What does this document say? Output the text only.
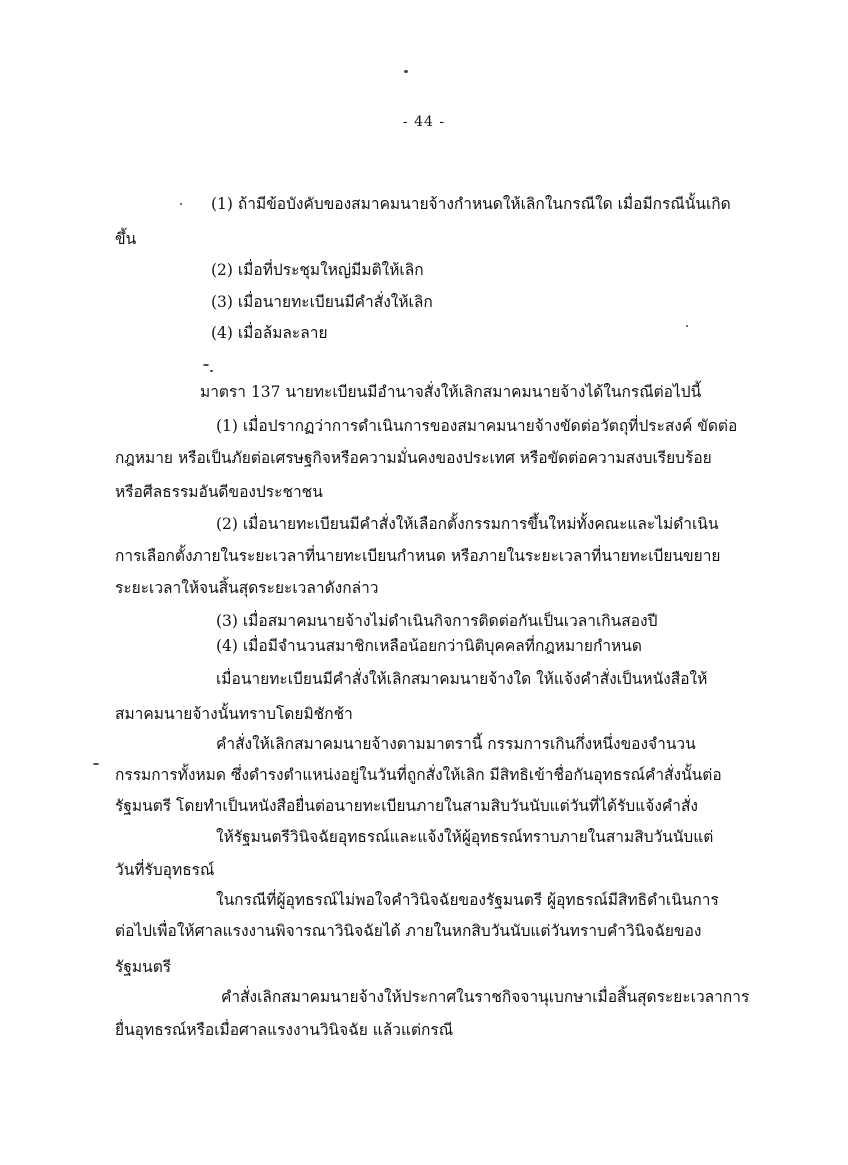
- 44 -
(1) ถ้ามีข้อบังคับของสมาคมนายจ้างกำหนดให้เลิกในกรณีใด เมื่อมีกรณีนั้นเกิด
ขึ้น
(2) เมื่อที่ประชุมใหญ่มีมติให้เลิก
(3) เมื่อนายทะเบียนมีคำสั่งให้เลิก
(4) เมื่อล้มละลาย
มาตรา 137 นายทะเบียนมีอำนาจสั่งให้เลิกสมาคมนายจ้างได้ในกรณีต่อไปนี้
(1) เมื่อปรากฏว่าการดำเนินการของสมาคมนายจ้างขัดต่อวัตถุที่ประสงค์ ขัดต่อ
กฎหมาย หรือเป็นภัยต่อเศรษฐกิจหรือความมั่นคงของประเทศ หรือขัดต่อความสงบเรียบร้อย
หรือศีลธรรมอันดีของประชาชน
(2) เมื่อนายทะเบียนมีคำสั่งให้เลือกตั้งกรรมการขึ้นใหม่ทั้งคณะและไม่ดำเนิน
การเลือกตั้งภายในระยะเวลาที่นายทะเบียนกำหนด หรือภายในระยะเวลาที่นายทะเบียนขยาย
ระยะเวลาให้จนสิ้นสุดระยะเวลาดังกล่าว
(3) เมื่อสมาคมนายจ้างไม่ดำเนินกิจการติดต่อกันเป็นเวลาเกินสองปี
(4) เมื่อมีจำนวนสมาชิกเหลือน้อยกว่านิติบุคคลที่กฎหมายกำหนด
เมื่อนายทะเบียนมีคำสั่งให้เลิกสมาคมนายจ้างใด ให้แจ้งคำสั่งเป็นหนังสือให้
สมาคมนายจ้างนั้นทราบโดยมิชักช้า
คำสั่งให้เลิกสมาคมนายจ้างตามมาตรานี้ กรรมการเกินกึ่งหนึ่งของจำนวน
กรรมการทั้งหมด ซึ่งดำรงตำแหน่งอยู่ในวันที่ถูกสั่งให้เลิก มีสิทธิเข้าชื่อกันอุทธรณ์คำสั่งนั้นต่อ
รัฐมนตรี โดยทำเป็นหนังสือยื่นต่อนายทะเบียนภายในสามสิบวันนับแต่วันที่ได้รับแจ้งคำสั่ง
ให้รัฐมนตรีวินิจฉัยอุทธรณ์และแจ้งให้ผู้อุทธรณ์ทราบภายในสามสิบวันนับแต่
วันที่รับอุทธรณ์
ในกรณีที่ผู้อุทธรณ์ไม่พอใจคำวินิจฉัยของรัฐมนตรี ผู้อุทธรณ์มีสิทธิดำเนินการ
ต่อไปเพื่อให้ศาลแรงงานพิจารณาวินิจฉัยได้ ภายในหกสิบวันนับแต่วันทราบคำวินิจฉัยของ
รัฐมนตรี
คำสั่งเลิกสมาคมนายจ้างให้ประกาศในราชกิจจานุเบกษาเมื่อสิ้นสุดระยะเวลาการ
ยื่นอุทธรณ์หรือเมื่อศาลแรงงานวินิจฉัย แล้วแต่กรณี
